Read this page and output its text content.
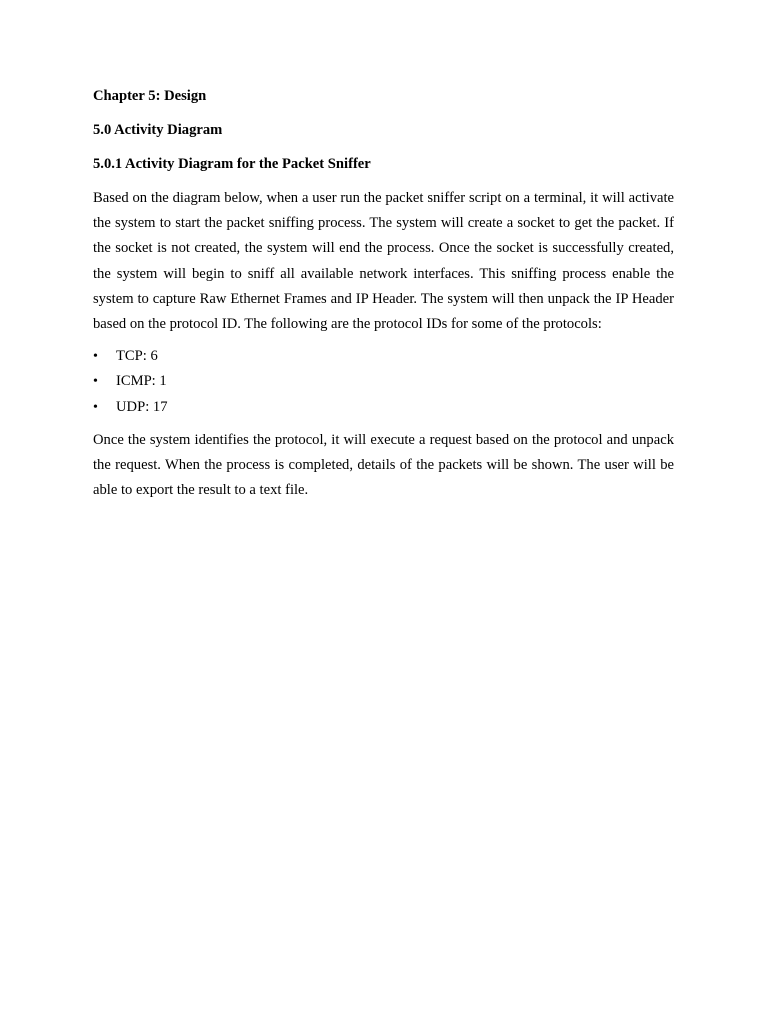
Chapter 5: Design

5.0 Activity Diagram

5.0.1 Activity Diagram for the Packet Sniffer

Based on the diagram below, when a user run the packet sniffer script on a terminal, it will activate the system to start the packet sniffing process. The system will create a socket to get the packet. If the socket is not created, the system will end the process. Once the socket is successfully created, the system will begin to sniff all available network interfaces. This sniffing process enable the system to capture Raw Ethernet Frames and IP Header. The system will then unpack the IP Header based on the protocol ID. The following are the protocol IDs for some of the protocols:

• TCP: 6
• ICMP: 1
• UDP: 17

Once the system identifies the protocol, it will execute a request based on the protocol and unpack the request. When the process is completed, details of the packets will be shown. The user will be able to export the result to a text file.
